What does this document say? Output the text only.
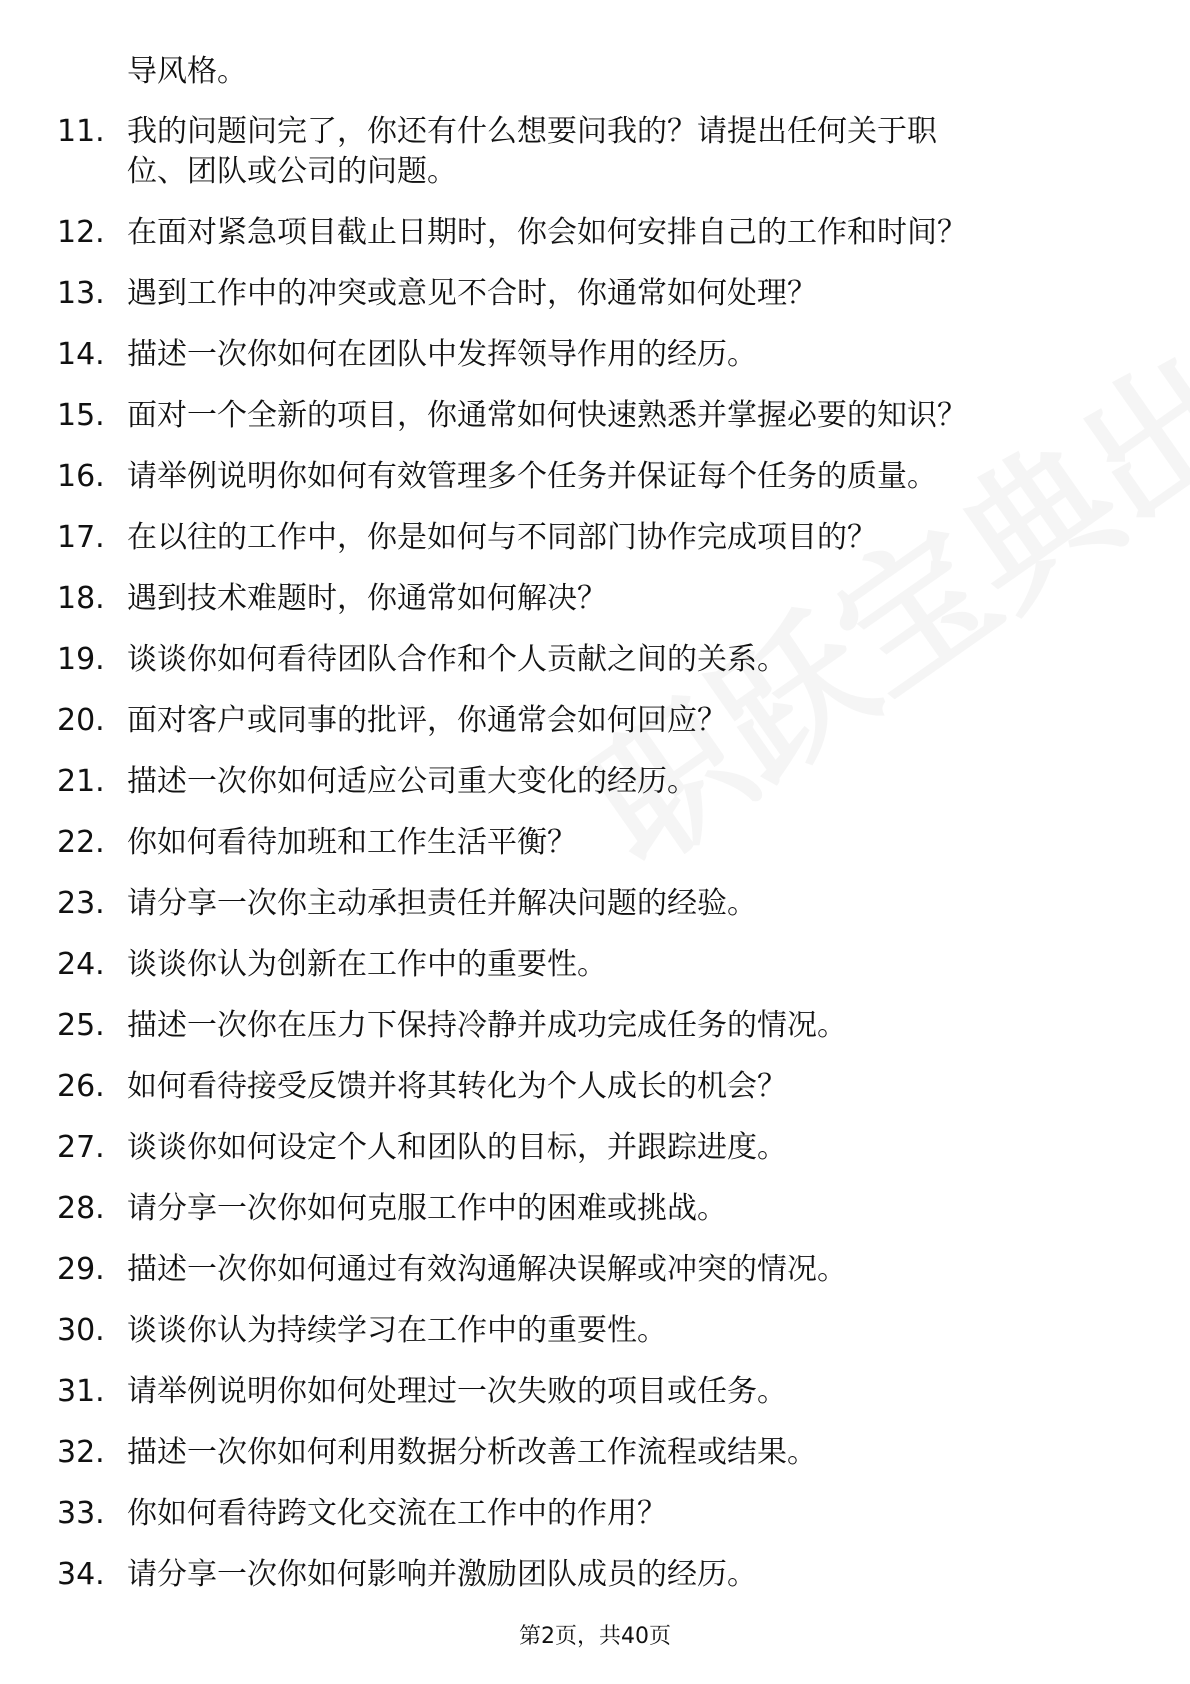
导风格。
11. 我的问题问完了，你还有什么想要问我的？请提出任何关于职
位、团队或公司的问题。
12. 在面对紧急项目截止日期时，你会如何安排自己的工作和时间？
13. 遇到工作中的冲突或意见不合时，你通常如何处理？
14. 描述一次你如何在团队中发挥领导作用的经历。
15. 面对一个全新的项目，你通常如何快速熟悉并掌握必要的知识？
16. 请举例说明你如何有效管理多个任务并保证每个任务的质量。
17. 在以往的工作中，你是如何与不同部门协作完成项目的？
18. 遇到技术难题时，你通常如何解决？
19. 谈谈你如何看待团队合作和个人贡献之间的关系。
20. 面对客户或同事的批评，你通常会如何回应？
21. 描述一次你如何适应公司重大变化的经历。
22. 你如何看待加班和工作生活平衡？
23. 请分享一次你主动承担责任并解决问题的经验。
24. 谈谈你认为创新在工作中的重要性。
25. 描述一次你在压力下保持冷静并成功完成任务的情况。
26. 如何看待接受反馈并将其转化为个人成长的机会？
27. 谈谈你如何设定个人和团队的目标，并跟踪进度。
28. 请分享一次你如何克服工作中的困难或挑战。
29. 描述一次你如何通过有效沟通解决误解或冲突的情况。
30. 谈谈你认为持续学习在工作中的重要性。
31. 请举例说明你如何处理过一次失败的项目或任务。
32. 描述一次你如何利用数据分析改善工作流程或结果。
33. 你如何看待跨文化交流在工作中的作用？
34. 请分享一次你如何影响并激励团队成员的经历。
第2页，共40页
